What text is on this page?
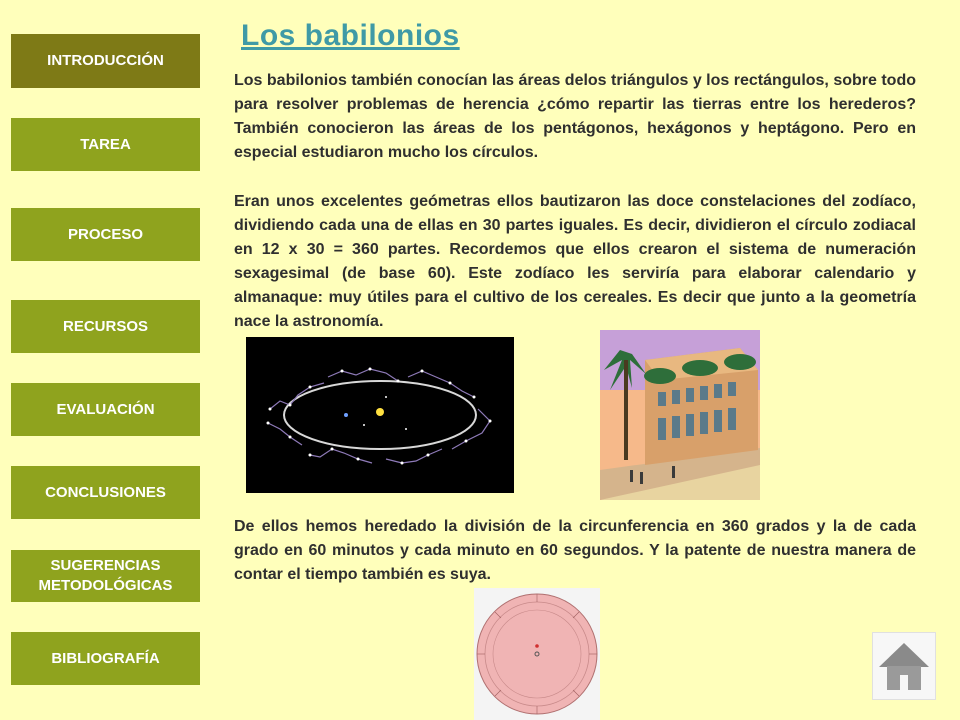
INTRODUCCIÓN
TAREA
PROCESO
RECURSOS
EVALUACIÓN
CONCLUSIONES
SUGERENCIAS METODOLÓGICAS
BIBLIOGRAFÍA
Los babilonios

Los babilonios también conocían las áreas delos triángulos y los rectángulos, sobre todo para resolver problemas de herencia ¿cómo repartir las tierras entre los herederos? También conocieron las áreas de los pentágonos, hexágonos y heptágono. Pero en especial estudiaron mucho los círculos.

Eran unos excelentes geómetras ellos bautizaron las doce constelaciones del zodíaco, dividiendo cada una de ellas en 30 partes iguales. Es decir, dividieron el círculo zodiacal en 12 x 30 = 360 partes. Recordemos que ellos crearon el sistema de numeración sexagesimal (de base 60). Este zodíaco les serviría para elaborar calendario y almanaque: muy útiles para el cultivo de los cereales. Es decir que junto a la geometría nace la astronomía.

De ellos hemos heredado la división de la circunferencia en 360 grados y la de cada grado en 60 minutos y cada minuto en 60 segundos. Y la patente de nuestra manera de contar el tiempo también es suya.
